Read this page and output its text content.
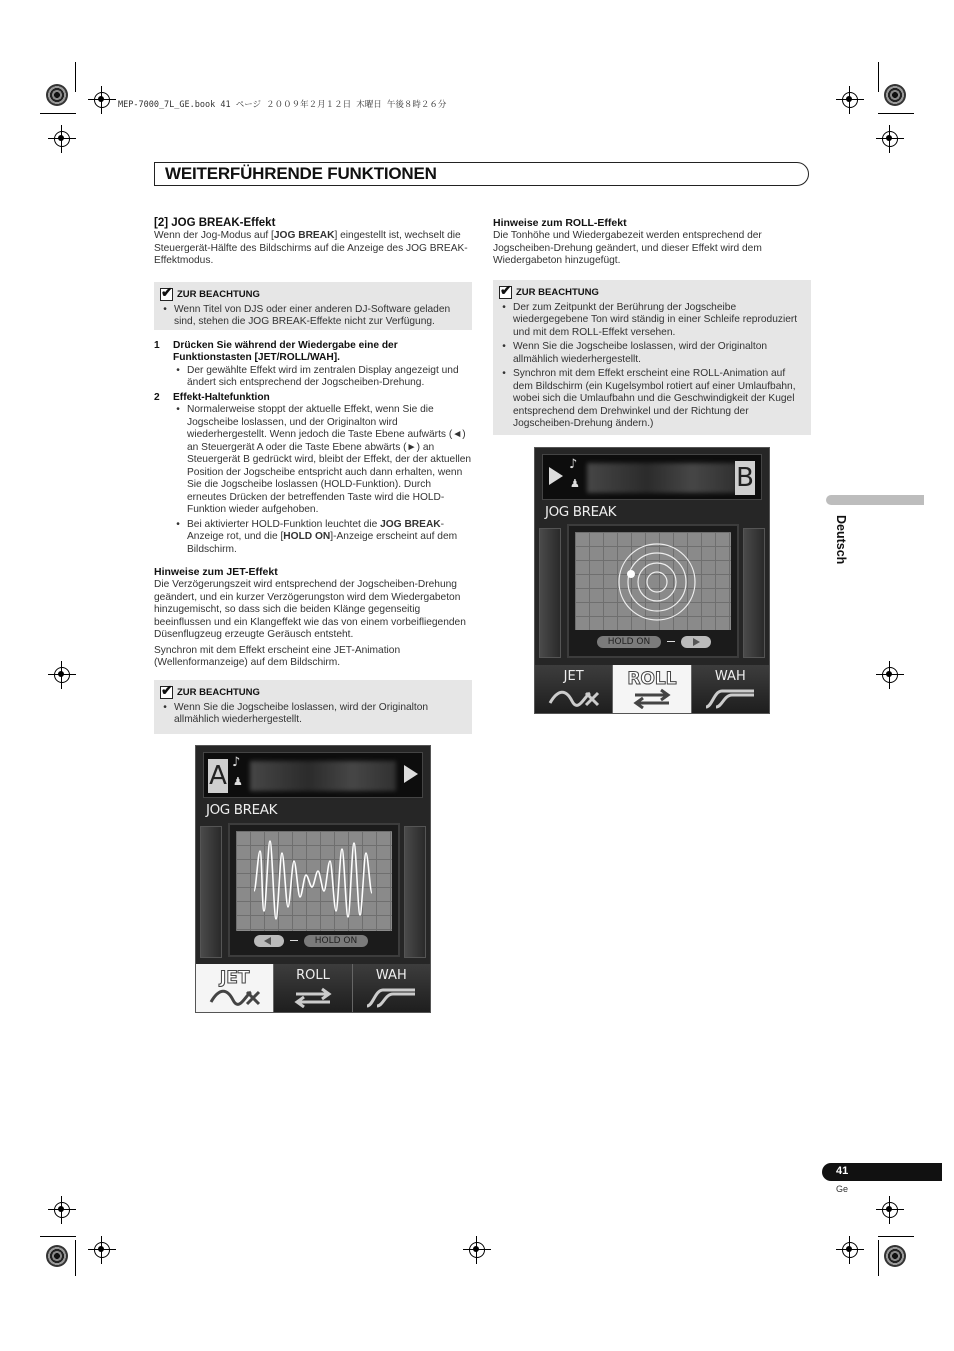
MEP-7000_7L_GE.book 41 ページ ２００９年２月１２日 木曜日 午後８時２６分
WEITERFÜHRENDE FUNKTIONEN
[2] JOG BREAK-Effekt

Wenn der Jog-Modus auf [JOG BREAK] eingestellt ist, wechselt die Steuergerät-Hälfte des Bildschirms auf die Anzeige des JOG BREAK-Effektmodus.

✔
ZUR BEACHTUNG
• Wenn Titel von DJS oder einer anderen DJ-Software geladen sind, stehen die JOG BREAK-Effekte nicht zur Verfügung.
1	Drücken Sie während der Wiedergabe eine der Funktionstasten [JET/ROLL/WAH].
• Der gewählte Effekt wird im zentralen Display angezeigt und ändert sich entsprechend der Jogscheiben-Drehung.
2	Effekt-Haltefunktion
• Normalerweise stoppt der aktuelle Effekt, wenn Sie die Jogscheibe loslassen, und der Originalton wird wiederhergestellt. Wenn jedoch die Taste Ebene aufwärts (◄) an Steuergerät A oder die Taste Ebene abwärts (►) an Steuergerät B gedrückt wird, bleibt der Effekt, der der aktuellen Position der Jogscheibe entspricht auch dann erhalten, wenn Sie die Jogscheibe loslassen (HOLD-Funktion). Durch erneutes Drücken der betreffenden Taste wird die HOLD-Funktion wieder aufgehoben.
• Bei aktivierter HOLD-Funktion leuchtet die JOG BREAK-Anzeige rot, und die [HOLD ON]-Anzeige erscheint auf dem Bildschirm.
Hinweise zum JET-Effekt

Die Verzögerungszeit wird entsprechend der Jogscheiben-Drehung geändert, und ein kurzer Verzögerungston wird dem Wiedergabeton hinzugemischt, so dass sich die beiden Klänge gegenseitig beeinflussen und ein Klangeffekt wie das von einem vorbeifliegenden Düsenflugzeug erzeugte Geräusch entsteht.

Synchron mit dem Effekt erscheint eine JET-Animation (Wellenformanzeige) auf dem Bildschirm.

✔
ZUR BEACHTUNG
• Wenn Sie die Jogscheibe loslassen, wird der Originalton allmählich wiederhergestellt.
Hinweise zum ROLL-Effekt

Die Tonhöhe und Wiedergabezeit werden entsprechend der Jogscheiben-Drehung geändert, und dieser Effekt wird dem Wiedergabeton hinzugefügt.

✔
ZUR BEACHTUNG
• Der zum Zeitpunkt der Berührung der Jogscheibe wiedergegebene Ton wird ständig in einer Schleife reproduziert und mit dem ROLL-Effekt versehen.
• Wenn Sie die Jogscheibe loslassen, wird der Originalton allmählich wiederhergestellt.
• Synchron mit dem Effekt erscheint eine ROLL-Animation auf dem Bildschirm (ein Kugelsymbol rotiert auf einer Umlaufbahn, wobei sich die Umlaufbahn und die Geschwindigkeit der Kugel entsprechend dem Drehwinkel und der Richtung der Jogscheiben-Drehung ändern.)
♪
♟	B
JOG BREAK
HOLD ON
JET	ROLL	WAH
A ♪
♟
JOG BREAK
HOLD ON
JET	ROLL	WAH
Deutsch
41
Ge
